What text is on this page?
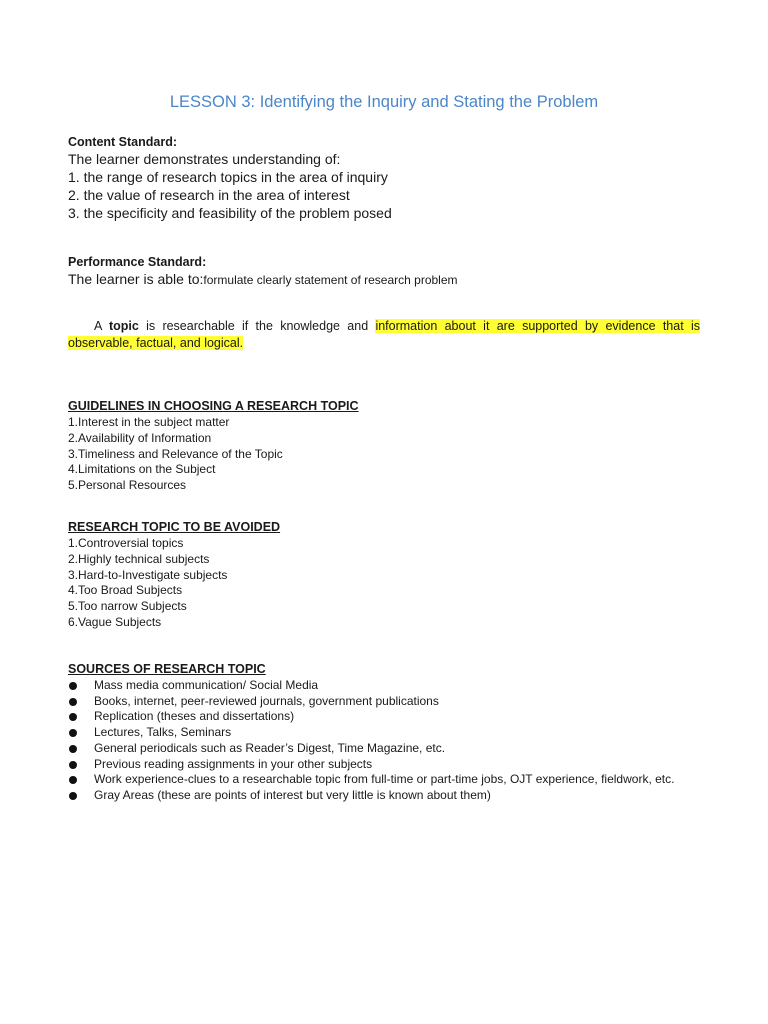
LESSON 3: Identifying the Inquiry and Stating the Problem
Content Standard:
The learner demonstrates understanding of:
1. the range of research topics in the area of inquiry
2. the value of research in the area of interest
3. the specificity and feasibility of the problem posed
Performance Standard:
The learner is able to:formulate clearly statement of research problem

A topic is researchable if the knowledge and information about it are supported by evidence that is observable, factual, and logical.

GUIDELINES IN CHOOSING A RESEARCH TOPIC
1.Interest in the subject matter
2.Availability of Information
3.Timeliness and Relevance of the Topic
4.Limitations on the Subject
5.Personal Resources
RESEARCH TOPIC TO BE AVOIDED
1.Controversial topics
2.Highly technical subjects
3.Hard-to-Investigate subjects
4.Too Broad Subjects
5.Too narrow Subjects
6.Vague Subjects
SOURCES OF RESEARCH TOPIC
Mass media communication/ Social Media
Books, internet, peer-reviewed journals, government publications
Replication (theses and dissertations)
Lectures, Talks, Seminars
General periodicals such as Reader’s Digest, Time Magazine, etc.
Previous reading assignments in your other subjects
Work experience-clues to a researchable topic from full-time or part-time jobs, OJT experience, fieldwork, etc.
Gray Areas (these are points of interest but very little is known about them)
